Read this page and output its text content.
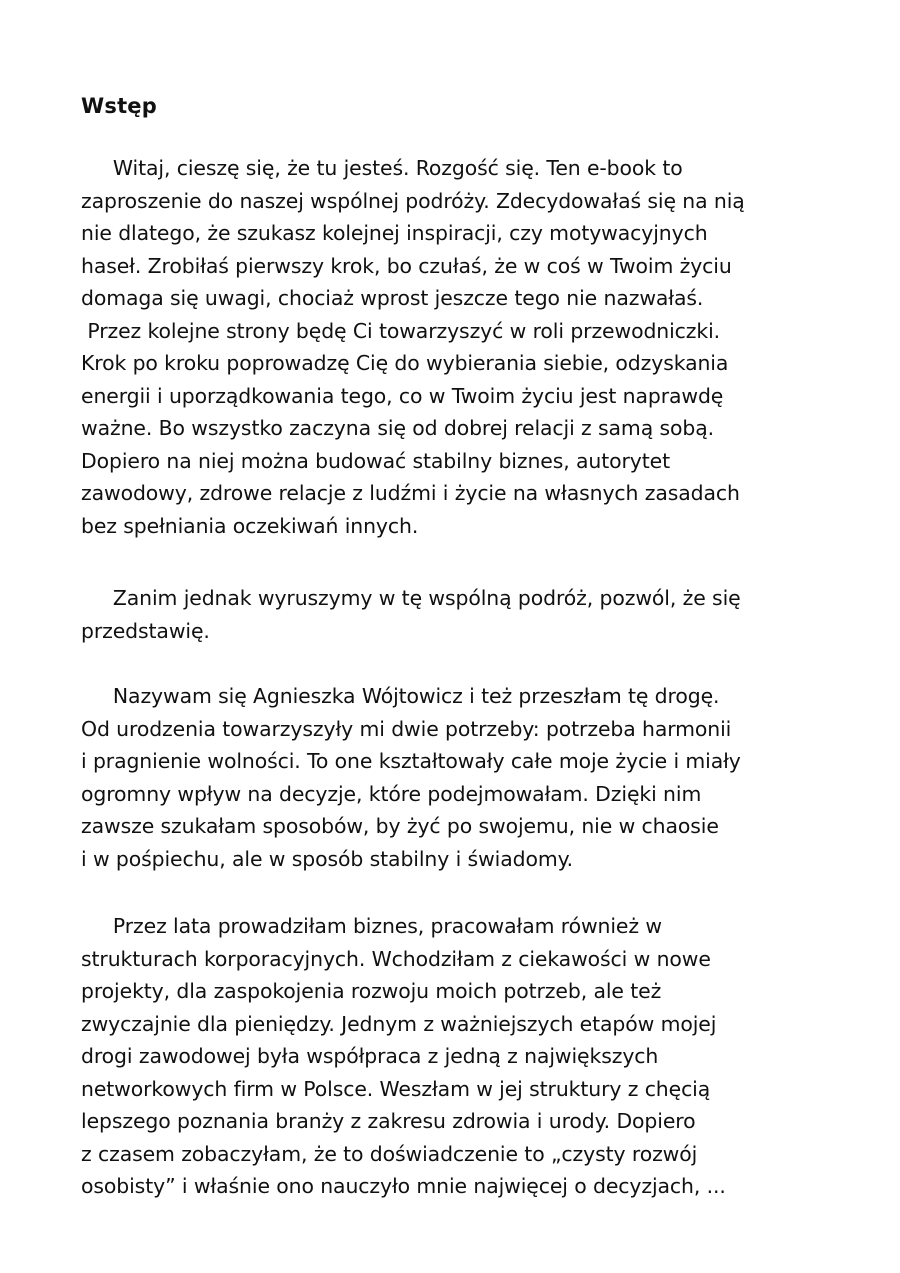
Wstęp
Witaj, cieszę się, że tu jesteś. Rozgość się. Ten e-book to
zaproszenie do naszej wspólnej podróży. Zdecydowałaś się na nią
nie dlatego, że szukasz kolejnej inspiracji, czy motywacyjnych
haseł. Zrobiłaś pierwszy krok, bo czułaś, że w coś w Twoim życiu
domaga się uwagi, chociaż wprost jeszcze tego nie nazwałaś.
Przez kolejne strony będę Ci towarzyszyć w roli przewodniczki.
Krok po kroku poprowadzę Cię do wybierania siebie, odzyskania
energii i uporządkowania tego, co w Twoim życiu jest naprawdę
ważne. Bo wszystko zaczyna się od dobrej relacji z samą sobą.
Dopiero na niej można budować stabilny biznes, autorytet
zawodowy, zdrowe relacje z ludźmi i życie na własnych zasadach
bez spełniania oczekiwań innych.
Zanim jednak wyruszymy w tę wspólną podróż, pozwól, że się
przedstawię.
Nazywam się Agnieszka Wójtowicz i też przeszłam tę drogę.
Od urodzenia towarzyszyły mi dwie potrzeby: potrzeba harmonii
i pragnienie wolności. To one kształtowały całe moje życie i miały
ogromny wpływ na decyzje, które podejmowałam. Dzięki nim
zawsze szukałam sposobów, by żyć po swojemu, nie w chaosie
i w pośpiechu, ale w sposób stabilny i świadomy.
Przez lata prowadziłam biznes, pracowałam również w
strukturach korporacyjnych. Wchodziłam z ciekawości w nowe
projekty, dla zaspokojenia rozwoju moich potrzeb, ale też
zwyczajnie dla pieniędzy. Jednym z ważniejszych etapów mojej
drogi zawodowej była współpraca z jedną z największych
networkowych firm w Polsce. Weszłam w jej struktury z chęcią
lepszego poznania branży z zakresu zdrowia i urody. Dopiero
z czasem zobaczyłam, że to doświadczenie to „czysty rozwój
osobisty” i właśnie ono nauczyło mnie najwięcej o decyzjach, ...
